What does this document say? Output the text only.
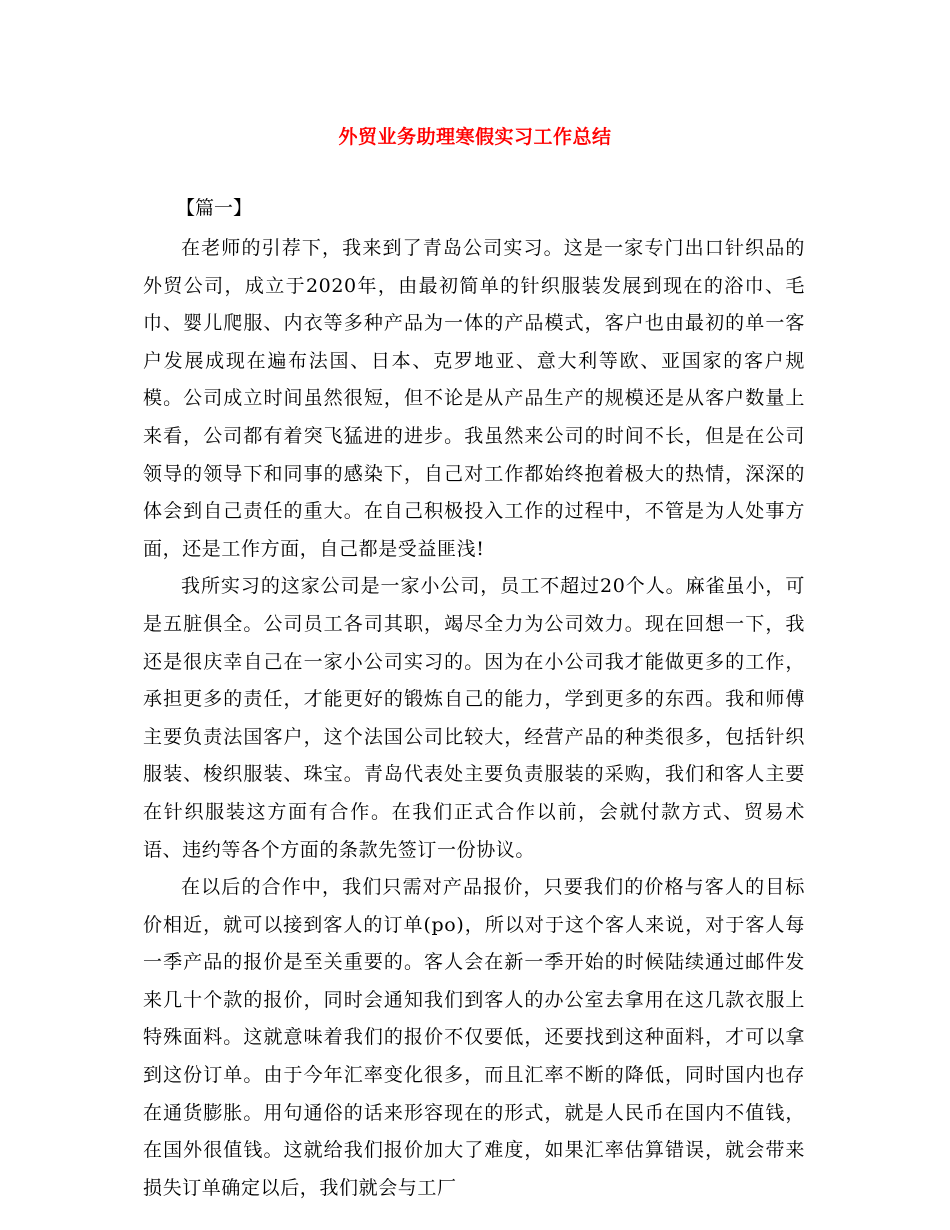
外贸业务助理寒假实习工作总结
【篇一】

在老师的引荐下，我来到了青岛公司实习。这是一家专门出口针织品的外贸公司，成立于2020年，由最初简单的针织服装发展到现在的浴巾、毛巾、婴儿爬服、内衣等多种产品为一体的产品模式，客户也由最初的单一客户发展成现在遍布法国、日本、克罗地亚、意大利等欧、亚国家的客户规模。公司成立时间虽然很短，但不论是从产品生产的规模还是从客户数量上来看，公司都有着突飞猛进的进步。我虽然来公司的时间不长，但是在公司领导的领导下和同事的感染下，自己对工作都始终抱着极大的热情，深深的体会到自己责任的重大。在自己积极投入工作的过程中，不管是为人处事方面，还是工作方面，自己都是受益匪浅!

我所实习的这家公司是一家小公司，员工不超过20个人。麻雀虽小，可是五脏俱全。公司员工各司其职，竭尽全力为公司效力。现在回想一下，我还是很庆幸自己在一家小公司实习的。因为在小公司我才能做更多的工作，承担更多的责任，才能更好的锻炼自己的能力，学到更多的东西。我和师傅主要负责法国客户，这个法国公司比较大，经营产品的种类很多，包括针织服装、梭织服装、珠宝。青岛代表处主要负责服装的采购，我们和客人主要在针织服装这方面有合作。在我们正式合作以前，会就付款方式、贸易术语、违约等各个方面的条款先签订一份协议。

在以后的合作中，我们只需对产品报价，只要我们的价格与客人的目标价相近，就可以接到客人的订单(po)，所以对于这个客人来说，对于客人每一季产品的报价是至关重要的。客人会在新一季开始的时候陆续通过邮件发来几十个款的报价，同时会通知我们到客人的办公室去拿用在这几款衣服上特殊面料。这就意味着我们的报价不仅要低，还要找到这种面料，才可以拿到这份订单。由于今年汇率变化很多，而且汇率不断的降低，同时国内也存在通货膨胀。用句通俗的话来形容现在的形式，就是人民币在国内不值钱，在国外很值钱。这就给我们报价加大了难度，如果汇率估算错误，就会带来损失订单确定以后，我们就会与工厂
